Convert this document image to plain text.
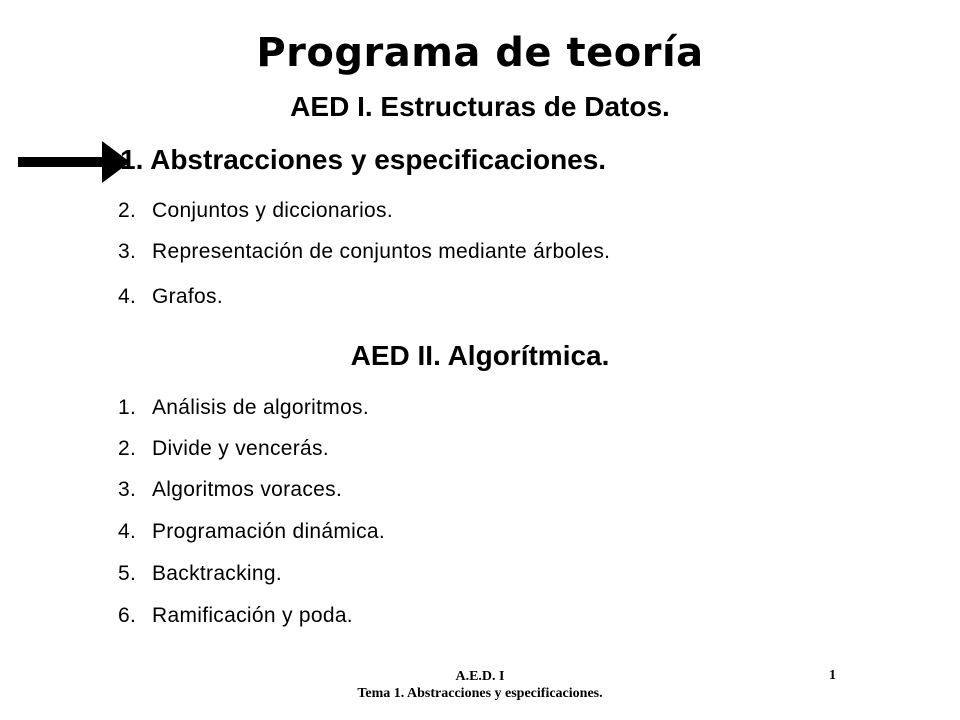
Programa de teoría
AED I. Estructuras de Datos.
1. Abstracciones y especificaciones.
2. Conjuntos y diccionarios.
3. Representación de conjuntos mediante árboles.
4. Grafos.
AED II. Algorítmica.
1. Análisis de algoritmos.
2. Divide y vencerás.
3. Algoritmos voraces.
4. Programación dinámica.
5. Backtracking.
6. Ramificación y poda.
A.E.D. I
Tema 1. Abstracciones y especificaciones.
1
